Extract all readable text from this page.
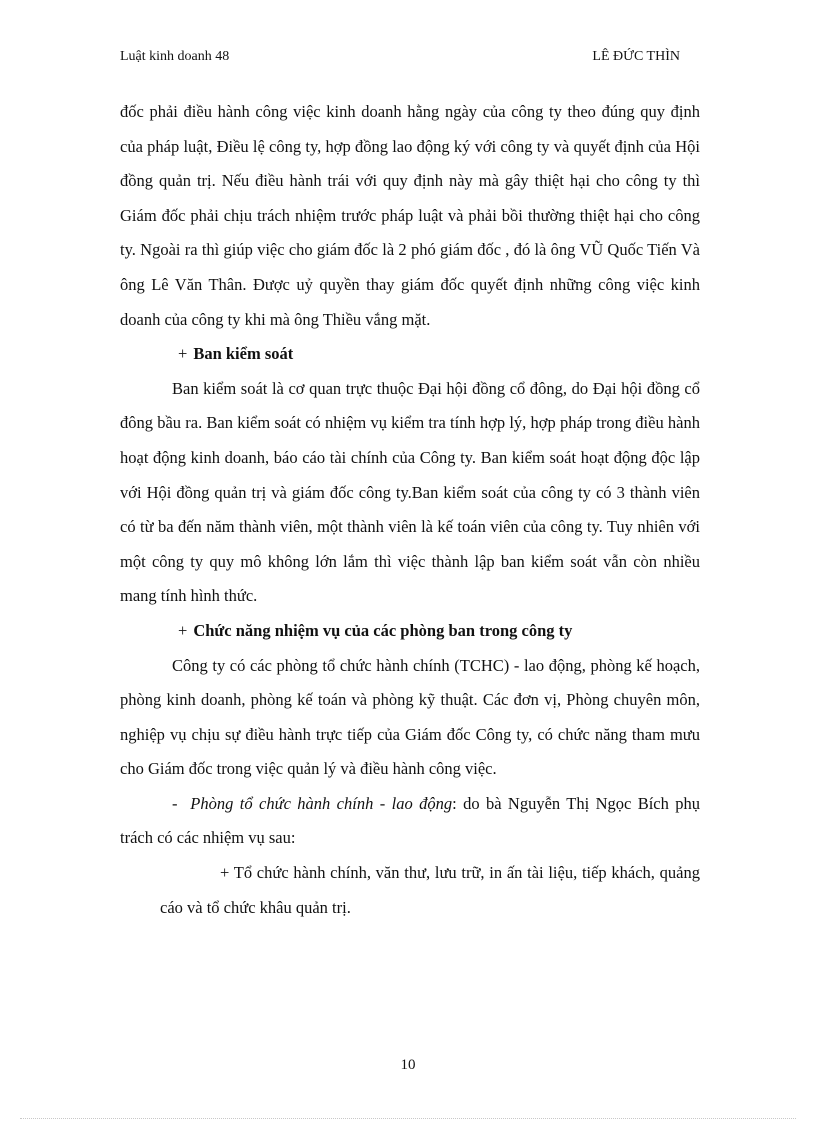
Luật kinh doanh 48	LÊ ĐỨC THÌN

đốc phải điều hành công việc kinh doanh hằng ngày của công ty theo đúng quy định của pháp luật, Điều lệ công ty, hợp đồng lao động ký với công ty và quyết định của Hội đồng quản trị. Nếu điều hành trái với quy định này mà gây thiệt hại cho công ty thì Giám đốc phải chịu trách nhiệm trước pháp luật và phải bồi thường thiệt hại cho công ty. Ngoài ra thì giúp việc cho giám đốc là 2 phó giám đốc , đó là ông VŨ Quốc Tiến Và ông Lê Văn Thân. Được uỷ quyền thay giám đốc quyết định những công việc kinh doanh của công ty khi mà ông Thiều vắng mặt.

+ Ban kiểm soát

Ban kiểm soát là cơ quan trực thuộc Đại hội đồng cổ đông, do Đại hội đồng cổ đông bầu ra. Ban kiểm soát có nhiệm vụ kiểm tra tính hợp lý, hợp pháp trong điều hành hoạt động kinh doanh, báo cáo tài chính của Công ty. Ban kiểm soát hoạt động độc lập với Hội đồng quản trị và giám đốc công ty.Ban kiểm soát của công ty có 3 thành viên có từ ba đến năm thành viên, một thành viên là kế toán viên của công ty. Tuy nhiên với một công ty quy mô không lớn lắm thì việc thành lập ban kiểm soát vẫn còn nhiều mang tính hình thức.

+ Chức năng nhiệm vụ của các phòng ban trong công ty

Công ty có các phòng tổ chức hành chính (TCHC) - lao động, phòng kế hoạch, phòng kinh doanh, phòng kế toán và phòng kỹ thuật. Các đơn vị, Phòng chuyên môn, nghiệp vụ chịu sự điều hành trực tiếp của Giám đốc Công ty, có chức năng tham mưu cho Giám đốc trong việc quản lý và điều hành công việc.

- Phòng tổ chức hành chính - lao động: do bà Nguyễn Thị Ngọc Bích phụ trách có các nhiệm vụ sau:

+ Tổ chức hành chính, văn thư, lưu trữ, in ấn tài liệu, tiếp khách, quảng cáo và tổ chức khâu quản trị.

10
